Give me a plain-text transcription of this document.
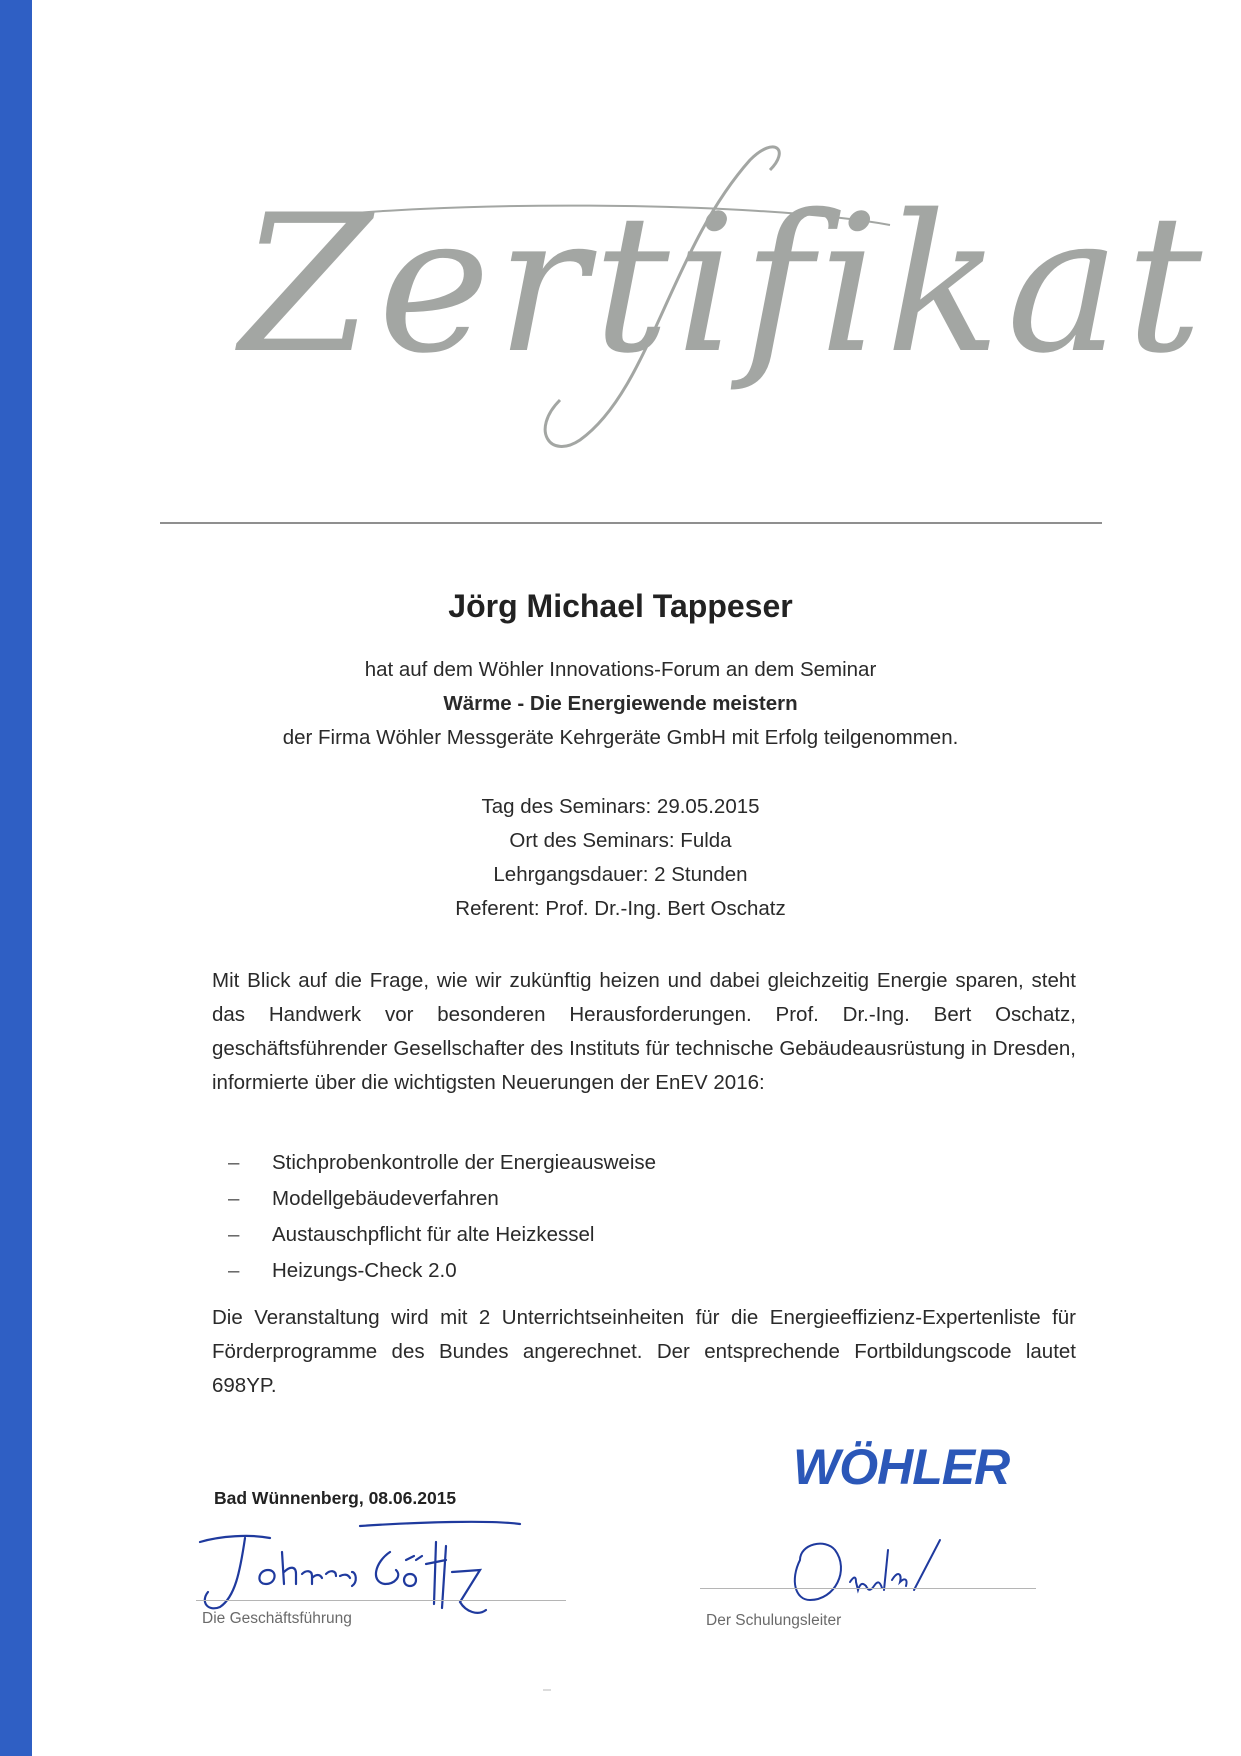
Zertifikat
Jörg Michael Tappeser
hat auf dem Wöhler Innovations-Forum an dem Seminar
Wärme - Die Energiewende meistern
der Firma Wöhler Messgeräte Kehrgeräte GmbH mit Erfolg teilgenommen.
Tag des Seminars: 29.05.2015
Ort des Seminars: Fulda
Lehrgangsdauer: 2 Stunden
Referent: Prof. Dr.-Ing. Bert Oschatz
Mit Blick auf die Frage, wie wir zukünftig heizen und dabei gleichzeitig Energie sparen, steht das Handwerk vor besonderen Herausforderungen. Prof. Dr.-Ing. Bert Oschatz, geschäftsführender Gesellschafter des Instituts für technische Gebäudeausrüstung in Dresden, informierte über die wichtigsten Neuerungen der EnEV 2016:
– Stichprobenkontrolle der Energieausweise
– Modellgebäudeverfahren
– Austauschpflicht für alte Heizkessel
– Heizungs-Check 2.0
Die Veranstaltung wird mit 2 Unterrichtseinheiten für die Energieeffizienz-Expertenliste für Förderprogramme des Bundes angerechnet. Der entsprechende Fortbildungscode lautet 698YP.
Bad Wünnenberg, 08.06.2015
WÖHLER
Die Geschäftsführung	Der Schulungsleiter
